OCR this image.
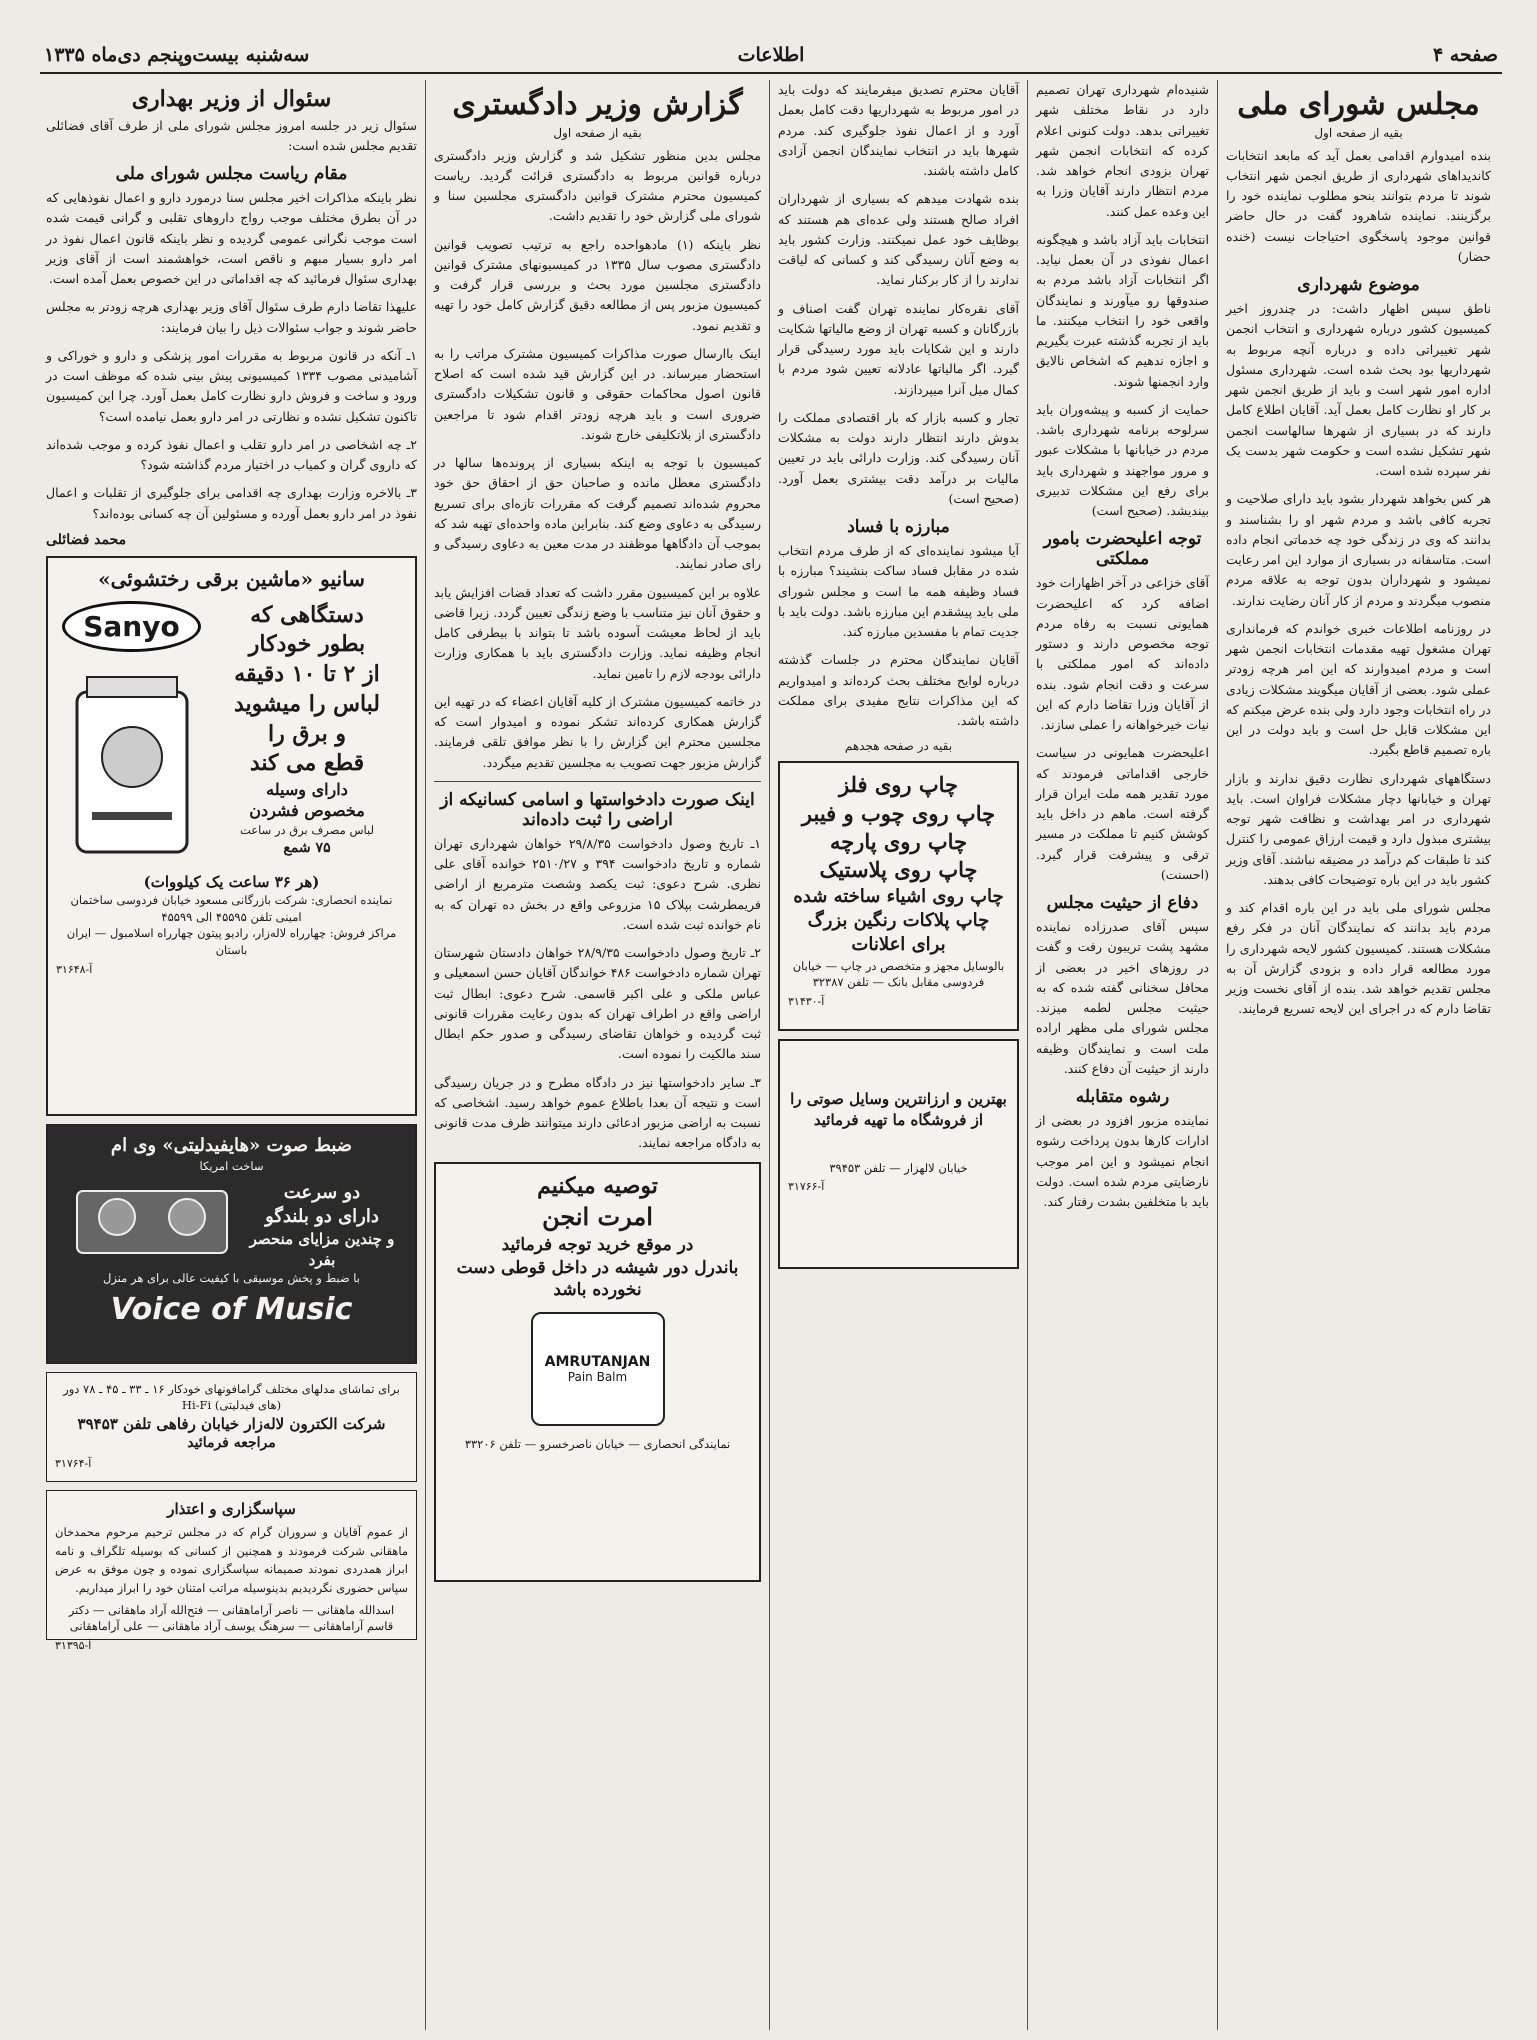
صفحه ۴
اطلاعات
سه‌شنبه بیست‌وپنجم دی‌ماه ۱۳۳۵
مجلس شورای ملی
بقیه از صفحه اول

بنده امیدوارم اقدامی بعمل آید که مابعد انتخابات کاندیداهای شهرداری از طریق انجمن شهر انتخاب شوند تا مردم بتوانند بنحو مطلوب نماینده خود را برگزینند. نماینده شاهرود گفت در حال حاضر قوانین موجود پاسخگوی احتیاجات نیست (خنده حضار)

موضوع شهرداری

ناطق سپس اظهار داشت: در چندروز اخیر کمیسیون کشور درباره شهرداری و انتخاب انجمن شهر تغییراتی داده و درباره آنچه مربوط به شهرداریها بود بحث شده است. شهرداری مسئول اداره امور شهر است و باید از طریق انجمن شهر بر کار او نظارت کامل بعمل آید. آقایان اطلاع کامل دارند که در بسیاری از شهرها سالهاست انجمن شهر تشکیل نشده است و حکومت شهر بدست یک نفر سپرده شده است.

هر کس بخواهد شهردار بشود باید دارای صلاحیت و تجربه کافی باشد و مردم شهر او را بشناسند و بدانند که وی در زندگی خود چه خدماتی انجام داده است. متاسفانه در بسیاری از موارد این امر رعایت نمیشود و شهرداران بدون توجه به علاقه مردم منصوب میگردند و مردم از کار آنان رضایت ندارند.

در روزنامه اطلاعات خبری خواندم که فرمانداری تهران مشغول تهیه مقدمات انتخابات انجمن شهر است و مردم امیدوارند که این امر هرچه زودتر عملی شود. بعضی از آقایان میگویند مشکلات زیادی در راه انتخابات وجود دارد ولی بنده عرض میکنم که این مشکلات قابل حل است و باید دولت در این باره تصمیم قاطع بگیرد.

دستگاههای شهرداری نظارت دقیق ندارند و بازار تهران و خیابانها دچار مشکلات فراوان است. باید شهرداری در امر بهداشت و نظافت شهر توجه بیشتری مبذول دارد و قیمت ارزاق عمومی را کنترل کند تا طبقات کم درآمد در مضیقه نباشند. آقای وزیر کشور باید در این باره توضیحات کافی بدهند.

مجلس شورای ملی باید در این باره اقدام کند و مردم باید بدانند که نمایندگان آنان در فکر رفع مشکلات هستند. کمیسیون کشور لایحه شهرداری را مورد مطالعه قرار داده و بزودی گزارش آن به مجلس تقدیم خواهد شد. بنده از آقای نخست وزیر تقاضا دارم که در اجرای این لایحه تسریع فرمایند.

شنیده‌ام شهرداری تهران تصمیم دارد در نقاط مختلف شهر تغییراتی بدهد. دولت کنونی اعلام کرده که انتخابات انجمن شهر تهران بزودی انجام خواهد شد. مردم انتظار دارند آقایان وزرا به این وعده عمل کنند.

انتخابات باید آزاد باشد و هیچگونه اعمال نفوذی در آن بعمل نیاید. اگر انتخابات آزاد باشد مردم به صندوقها رو میآورند و نمایندگان واقعی خود را انتخاب میکنند. ما باید از تجربه گذشته عبرت بگیریم و اجازه ندهیم که اشخاص نالایق وارد انجمنها شوند.

حمایت از کسبه و پیشه‌وران باید سرلوحه برنامه شهرداری باشد. مردم در خیابانها با مشکلات عبور و مرور مواجهند و شهرداری باید برای رفع این مشکلات تدبیری بیندیشد. (صحیح است)

توجه اعلیحضرت بامور مملکتی

آقای خزاعی در آخر اظهارات خود اضافه کرد که اعلیحضرت همایونی نسبت به رفاه مردم توجه مخصوص دارند و دستور داده‌اند که امور مملکتی با سرعت و دقت انجام شود. بنده از آقایان وزرا تقاضا دارم که این نیات خیرخواهانه را عملی سازند.

اعلیحضرت همایونی در سیاست خارجی اقداماتی فرمودند که مورد تقدیر همه ملت ایران قرار گرفته است. ماهم در داخل باید کوشش کنیم تا مملکت در مسیر ترقی و پیشرفت قرار گیرد. (احسنت)

دفاع از حیثیت مجلس

سپس آقای صدرزاده نماینده مشهد پشت تریبون رفت و گفت در روزهای اخیر در بعضی از محافل سخنانی گفته شده که به حیثیت مجلس لطمه میزند. مجلس شورای ملی مظهر اراده ملت است و نمایندگان وظیفه دارند از حیثیت آن دفاع کنند.

رشوه متقابله

نماینده مزبور افزود در بعضی از ادارات کارها بدون پرداخت رشوه انجام نمیشود و این امر موجب نارضایتی مردم شده است. دولت باید با متخلفین بشدت رفتار کند.

آقایان محترم تصدیق میفرمایند که دولت باید در امور مربوط به شهرداریها دقت کامل بعمل آورد و از اعمال نفوذ جلوگیری کند. مردم شهرها باید در انتخاب نمایندگان انجمن آزادی کامل داشته باشند.

بنده شهادت میدهم که بسیاری از شهرداران افراد صالح هستند ولی عده‌ای هم هستند که بوظایف خود عمل نمیکنند. وزارت کشور باید به وضع آنان رسیدگی کند و کسانی که لیاقت ندارند را از کار برکنار نماید.

آقای نقره‌کار نماینده تهران گفت اصناف و بازرگانان و کسبه تهران از وضع مالیاتها شکایت دارند و این شکایات باید مورد رسیدگی قرار گیرد. اگر مالیاتها عادلانه تعیین شود مردم با کمال میل آنرا میپردازند.

تجار و کسبه بازار که بار اقتصادی مملکت را بدوش دارند انتظار دارند دولت به مشکلات آنان رسیدگی کند. وزارت دارائی باید در تعیین مالیات بر درآمد دقت بیشتری بعمل آورد. (صحیح است)

مبارزه با فساد

آیا میشود نماینده‌ای که از طرف مردم انتخاب شده در مقابل فساد ساکت بنشیند؟ مبارزه با فساد وظیفه همه ما است و مجلس شورای ملی باید پیشقدم این مبارزه باشد. دولت باید با جدیت تمام با مفسدین مبارزه کند.

آقایان نمایندگان محترم در جلسات گذشته درباره لوایح مختلف بحث کرده‌اند و امیدواریم که این مذاکرات نتایج مفیدی برای مملکت داشته باشد.

بقیه در صفحه هجدهم
چاپ روی فلز
چاپ روی چوب و فیبر
چاپ روی پارچه
چاپ روی پلاستیک
چاپ روی اشیاء ساخته شده
چاپ پلاکات رنگین بزرگ
برای اعلانات
بالوسایل مجهز و متخصص در چاپ — خیابان فردوسی مقابل بانک — تلفن ۳۲۳۸۷
آ-۳۱۴۳۰
بهترین و ارزانترین وسایل صوتی را از فروشگاه ما تهیه فرمائید
خیابان لالهزار — تلفن ۳۹۴۵۳
آ-۳۱۷۶۶
گزارش وزیر دادگستری
بقیه از صفحه اول

مجلس بدین منظور تشکیل شد و گزارش وزیر دادگستری درباره قوانین مربوط به دادگستری قرائت گردید. ریاست کمیسیون محترم مشترک قوانین دادگستری مجلسین سنا و شورای ملی گزارش خود را تقدیم داشت.

نظر باینکه (۱) مادهواحده راجع به ترتیب تصویب قوانین دادگستری مصوب سال ۱۳۳۵ در کمیسیونهای مشترک قوانین دادگستری مجلسین مورد بحث و بررسی قرار گرفت و کمیسیون مزبور پس از مطالعه دقیق گزارش کامل خود را تهیه و تقدیم نمود.

اینک باارسال صورت مذاکرات کمیسیون مشترک مراتب را به استحضار میرساند. در این گزارش قید شده است که اصلاح قانون اصول محاکمات حقوقی و قانون تشکیلات دادگستری ضروری است و باید هرچه زودتر اقدام شود تا مراجعین دادگستری از بلاتکلیفی خارج شوند.

کمیسیون با توجه به اینکه بسیاری از پرونده‌ها سالها در دادگستری معطل مانده و صاحبان حق از احقاق حق خود محروم شده‌اند تصمیم گرفت که مقررات تازه‌ای برای تسریع رسیدگی به دعاوی وضع کند. بنابراین ماده واحده‌ای تهیه شد که بموجب آن دادگاهها موظفند در مدت معین به دعاوی رسیدگی و رای صادر نمایند.

علاوه بر این کمیسیون مقرر داشت که تعداد قضات افزایش یابد و حقوق آنان نیز متناسب با وضع زندگی تعیین گردد. زیرا قاضی باید از لحاظ معیشت آسوده باشد تا بتواند با بیطرفی کامل انجام وظیفه نماید. وزارت دادگستری باید با همکاری وزارت دارائی بودجه لازم را تامین نماید.

در خاتمه کمیسیون مشترک از کلیه آقایان اعضاء که در تهیه این گزارش همکاری کرده‌اند تشکر نموده و امیدوار است که مجلسین محترم این گزارش را با نظر موافق تلقی فرمایند. گزارش مزبور جهت تصویب به مجلسین تقدیم میگردد.

اینک صورت دادخواستها و اسامی کسانیکه از اراضی را ثبت داده‌اند

۱ـ تاریخ وصول دادخواست ۲۹/۸/۳۵ خواهان شهرداری تهران شماره و تاریخ دادخواست ۳۹۴ و ۲۵۱۰/۲۷ خوانده آقای علی نظری. شرح دعوی: ثبت یکصد وشصت مترمربع از اراضی فریمطرشت بپلاک ۱۵ مزروعی واقع در بخش ده تهران که به نام خوانده ثبت شده است.

۲ـ تاریخ وصول دادخواست ۲۸/۹/۳۵ خواهان دادستان شهرستان تهران شماره دادخواست ۴۸۶ خواندگان آقایان حسن اسمعیلی و عباس ملکی و علی اکبر قاسمی. شرح دعوی: ابطال ثبت اراضی واقع در اطراف تهران که بدون رعایت مقررات قانونی ثبت گردیده و خواهان تقاضای رسیدگی و صدور حکم ابطال سند مالکیت را نموده است.

۳ـ سایر دادخواستها نیز در دادگاه مطرح و در جریان رسیدگی است و نتیجه آن بعدا باطلاع عموم خواهد رسید. اشخاصی که نسبت به اراضی مزبور ادعائی دارند میتوانند ظرف مدت قانونی به دادگاه مراجعه نمایند.

توصیه میکنیم
امرت انجن
در موقع خرید توجه فرمائید
باندرل دور شیشه در داخل قوطی دست نخورده باشد
AMRUTANJAN
Pain Balm
نمایندگی انحصاری — خیابان ناصرخسرو — تلفن ۳۳۲۰۶
سئوال از وزیر بهداری

سئوال زیر در جلسه امروز مجلس شورای ملی از طرف آقای فضائلی تقدیم مجلس شده است:

مقام ریاست مجلس شورای ملی

نظر باینکه مذاکرات اخیر مجلس سنا درمورد دارو و اعمال نفوذهایی که در آن بطرق مختلف موجب رواج داروهای تقلبی و گرانی قیمت شده است موجب نگرانی عمومی گردیده و نظر باینکه قانون اعمال نفوذ در امر دارو بسیار مبهم و ناقص است، خواهشمند است از آقای وزیر بهداری سئوال فرمائید که چه اقداماتی در این خصوص بعمل آمده است.

علیهذا تقاضا دارم طرف سئوال آقای وزیر بهداری هرچه زودتر به مجلس حاضر شوند و جواب سئوالات ذیل را بیان فرمایند:

۱ـ آنکه در قانون مربوط به مقررات امور پزشکی و دارو و خوراکی و آشامیدنی مصوب ۱۳۳۴ کمیسیونی پیش بینی شده که موظف است در ورود و ساخت و فروش دارو نظارت کامل بعمل آورد. چرا این کمیسیون تاکنون تشکیل نشده و نظارتی در امر دارو بعمل نیامده است؟

۲ـ چه اشخاصی در امر دارو تقلب و اعمال نفوذ کرده و موجب شده‌اند که داروی گران و کمیاب در اختیار مردم گذاشته شود؟

۳ـ بالاخره وزارت بهداری چه اقدامی برای جلوگیری از تقلبات و اعمال نفوذ در امر دارو بعمل آورده و مسئولین آن چه کسانی بوده‌اند؟

محمد فضائلی
سانیو «ماشین برقی رختشوئی»
دستگاهی که
بطور خودکار
از ۲ تا ۱۰ دقیقه
لباس را میشوید
و برق را
قطع می کند
دارای وسیله
مخصوص فشردن
لباس مصرف برق در ساعت
۷۵ شمع
Sanyo
(هر ۳۶ ساعت یک کیلووات)
نماینده انحصاری: شرکت بازرگانی مسعود خیابان فردوسی ساختمان امینی تلفن ۴۵۵۹۵ الی ۴۵۵۹۹
مراکز فروش: چهارراه لاله‌زار، رادیو پیتون چهارراه اسلامبول — ایران باستان
آ-۳۱۶۴۸
ضبط صوت «هایفیدلیتی» وی ام
ساخت امریکا
دو سرعت
دارای دو بلندگو
و چندین مزایای منحصر بفرد
با ضبط و پخش موسیقی با کیفیت عالی برای هر منزل
Voice of Music
برای تماشای مدلهای مختلف گرامافونهای خودکار ۱۶ ـ ۳۳ ـ ۴۵ ـ ۷۸ دور (های فیدلیتی) Hi-Fi
شرکت الکترون لاله‌زار خیابان رفاهی تلفن ۳۹۴۵۳
مراجعه فرمائید
آ-۳۱۷۶۴
سپاسگزاری و اعتذار

از عموم آقایان و سروران گرام که در مجلس ترحیم مرحوم محمدخان ماهقانی شرکت فرمودند و همچنین از کسانی که بوسیله تلگراف و نامه ابراز همدردی نمودند صمیمانه سپاسگزاری نموده و چون موفق به عرض سپاس حضوری نگردیدیم بدینوسیله مراتب امتنان خود را ابراز میداریم.

اسدالله ماهقانی — ناصر آراماهقانی — فتح‌الله آراد ماهقانی — دکتر قاسم آراماهقانی — سرهنگ یوسف آراد ماهقانی — علی آراماهقانی
آ-۳۱۳۹۵
